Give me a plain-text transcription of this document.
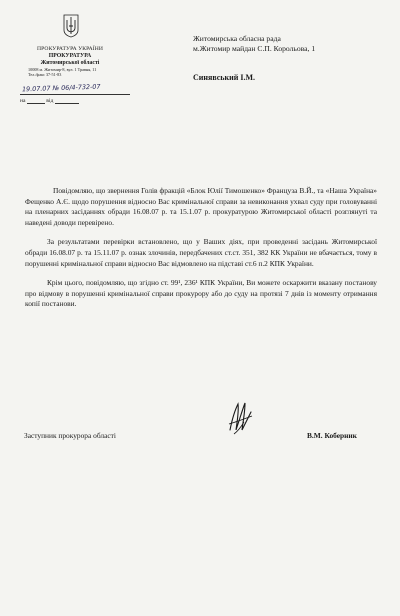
ПРОКУРАТУРА УКРАЇНИ
ПРОКУРАТУРА
Житомирської області
10008 м. Житомир-8, вул. 1 Травня, 11
Тел./факс 37-51-83
19.07.07 № 06/4-732-07
на	від
Житомирська обласна рада
м.Житомир майдан С.П. Корольова, 1
Синявський І.М.

Повідомляю, що звернення Голів фракцій «Блок Юлії Тимошенко» Француза В.Й., та «Наша Україна» Фещенко А.Є. щодо порушення відносно Вас кримінальної справи за невиконання ухвал суду при головуванні на пленарних засіданнях обради 16.08.07 р. та 15.1.07 р. прокуратурою Житомирської області розглянуті та наведені доводи перевірено.

За результатами перевірки встановлено, що у Ваших діях, при проведенні засідань Житомирської обради 16.08.07 р. та 15.11.07 р. ознак злочинів, передбачених ст.ст. 351, 382 КК України не вбачається, тому в порушенні кримінальної справи відносно Вас відмовлено на підставі ст.6 п.2 КПК України.

Крім цього, повідомляю, що згідно ст. 99¹, 236¹ КПК України, Ви можете оскаржити вказану постанову про відмову в порушенні кримінальної справи прокурору або до суду на протязі 7 днів із моменту отримання копії постанови.

Заступник прокурора області	В.М. Коберник
